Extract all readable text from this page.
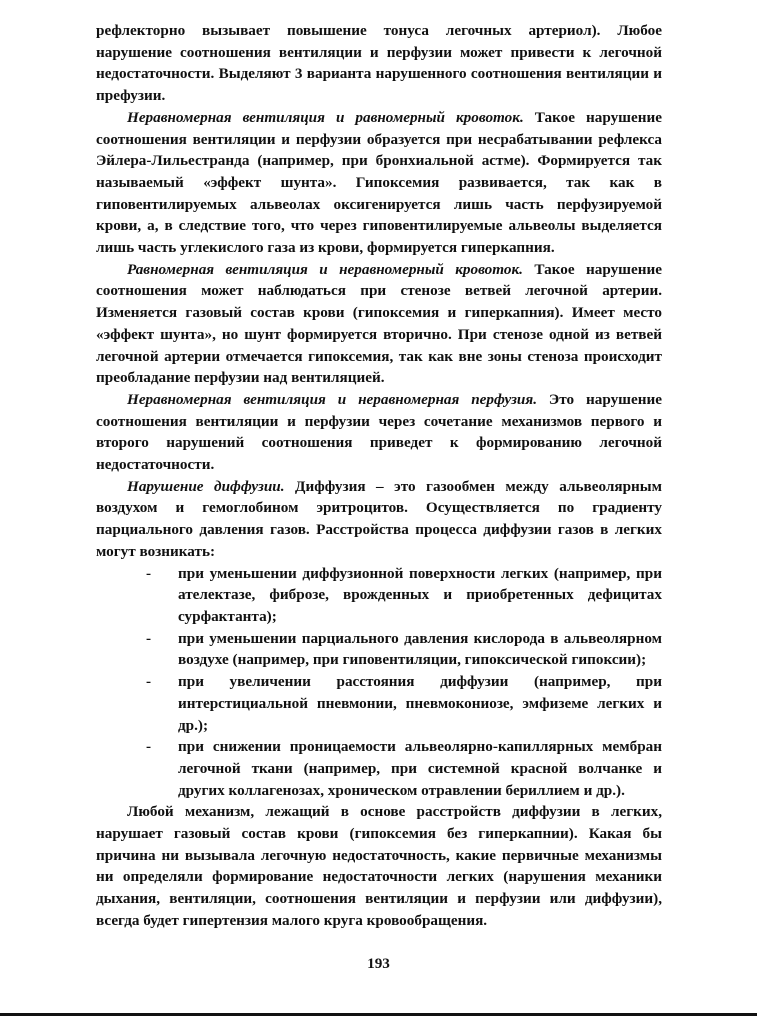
рефлекторно вызывает повышение тонуса легочных артериол). Любое нарушение соотношения вентиляции и перфузии может привести к легочной недостаточности. Выделяют 3 варианта нарушенного соотношения вентиляции и префузии.

Неравномерная вентиляция и равномерный кровоток. Такое нарушение соотношения вентиляции и перфузии образуется при несрабатывании рефлекса Эйлера-Лильестранда (например, при бронхиальной астме). Формируется так называемый «эффект шунта». Гипоксемия развивается, так как в гиповентилируемых альвеолах оксигенируется лишь часть перфузируемой крови, а, в следствие того, что через гиповентилируемые альвеолы выделяется лишь часть углекислого газа из крови, формируется гиперкапния.

Равномерная вентиляция и неравномерный кровоток. Такое нарушение соотношения может наблюдаться при стенозе ветвей легочной артерии. Изменяется газовый состав крови (гипоксемия и гиперкапния). Имеет место «эффект шунта», но шунт формируется вторично. При стенозе одной из ветвей легочной артерии отмечается гипоксемия, так как вне зоны стеноза происходит преобладание перфузии над вентиляцией.

Неравномерная вентиляция и неравномерная перфузия. Это нарушение соотношения вентиляции и перфузии через сочетание механизмов первого и второго нарушений соотношения приведет к формированию легочной недостаточности.

Нарушение диффузии. Диффузия – это газообмен между альвеолярным воздухом и гемоглобином эритроцитов. Осуществляется по градиенту парциального давления газов. Расстройства процесса диффузии газов в легких могут возникать:

- при уменьшении диффузионной поверхности легких (например, при ателектазе, фиброзе, врожденных и приобретенных дефицитах сурфактанта);
- при уменьшении парциального давления кислорода в альвеолярном воздухе (например, при гиповентиляции, гипоксической гипоксии);
- при увеличении расстояния диффузии (например, при интерстициальной пневмонии, пневмокониозе, эмфиземе легких и др.);
- при снижении проницаемости альвеолярно-капиллярных мембран легочной ткани (например, при системной красной волчанке и других коллагенозах, хроническом отравлении бериллием и др.).

Любой механизм, лежащий в основе расстройств диффузии в легких, нарушает газовый состав крови (гипоксемия без гиперкапнии). Какая бы причина ни вызывала легочную недостаточность, какие первичные механизмы ни определяли формирование недостаточности легких (нарушения механики дыхания, вентиляции, соотношения вентиляции и перфузии или диффузии), всегда будет гипертензия малого круга кровообращения.

193
